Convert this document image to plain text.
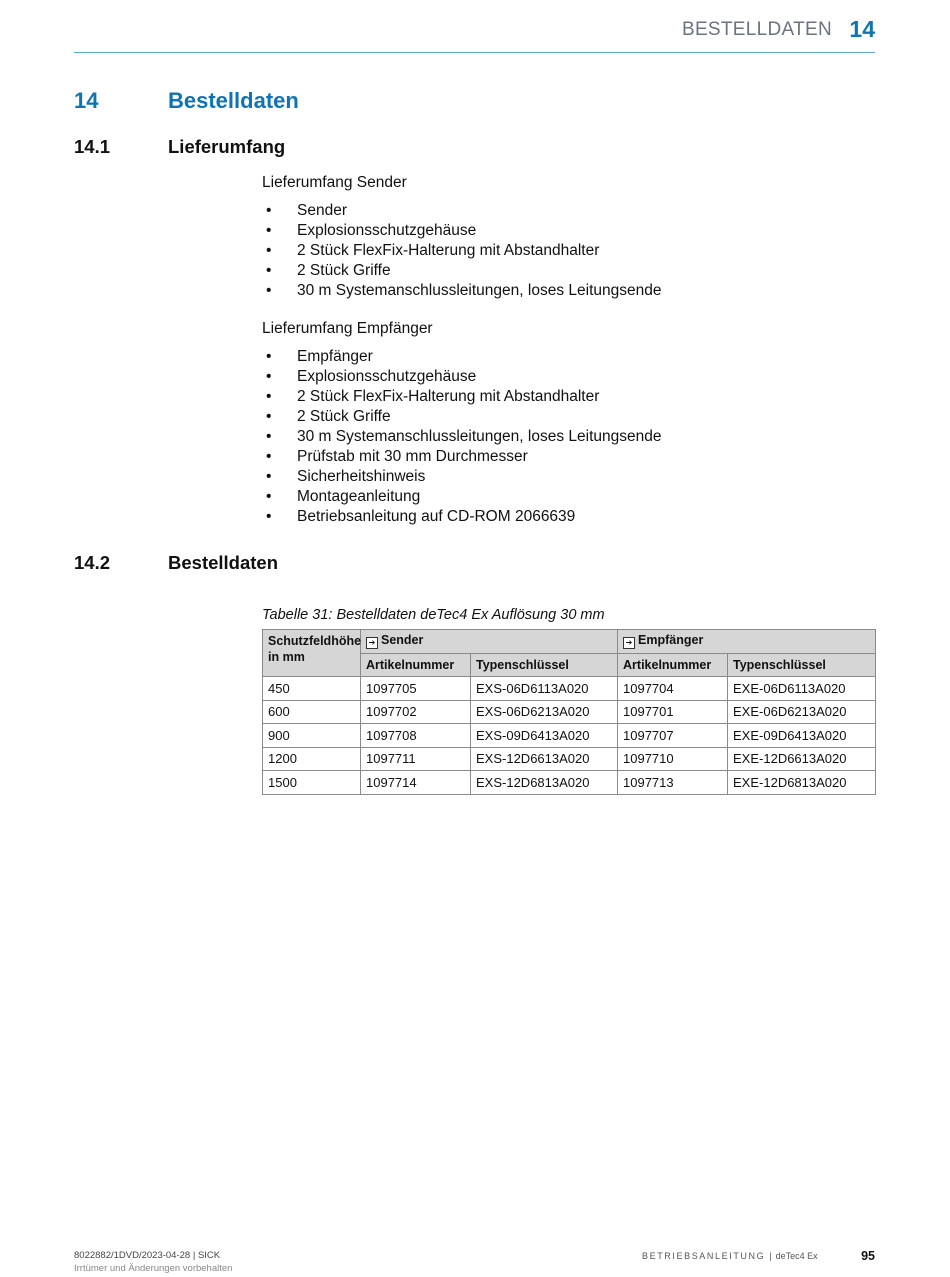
BESTELLDATEN 14
14	Bestelldaten
14.1	Lieferumfang
Lieferumfang Sender
• Sender
• Explosionsschutzgehäuse
• 2 Stück FlexFix-Halterung mit Abstandhalter
• 2 Stück Griffe
• 30 m Systemanschlussleitungen, loses Leitungsende
Lieferumfang Empfänger
• Empfänger
• Explosionsschutzgehäuse
• 2 Stück FlexFix-Halterung mit Abstandhalter
• 2 Stück Griffe
• 30 m Systemanschlussleitungen, loses Leitungsende
• Prüfstab mit 30 mm Durchmesser
• Sicherheitshinweis
• Montageanleitung
• Betriebsanleitung auf CD-ROM 2066639
14.2	Bestelldaten
Tabelle 31: Bestelldaten deTec4 Ex Auflösung 30 mm
Schutzfeldhöhe in mm	➔ Sender		➔ Empfänger	
	Artikelnummer	Typenschlüssel	Artikelnummer	Typenschlüssel
450	1097705	EXS-06D6113A020	1097704	EXE-06D6113A020
600	1097702	EXS-06D6213A020	1097701	EXE-06D6213A020
900	1097708	EXS-09D6413A020	1097707	EXE-09D6413A020
1200	1097711	EXS-12D6613A020	1097710	EXE-12D6613A020
1500	1097714	EXS-12D6813A020	1097713	EXE-12D6813A020
8022882/1DVD/2023-04-28 | SICK
Irrtümer und Änderungen vorbehalten
BETRIEBSANLEITUNG | deTec4 Ex	95
